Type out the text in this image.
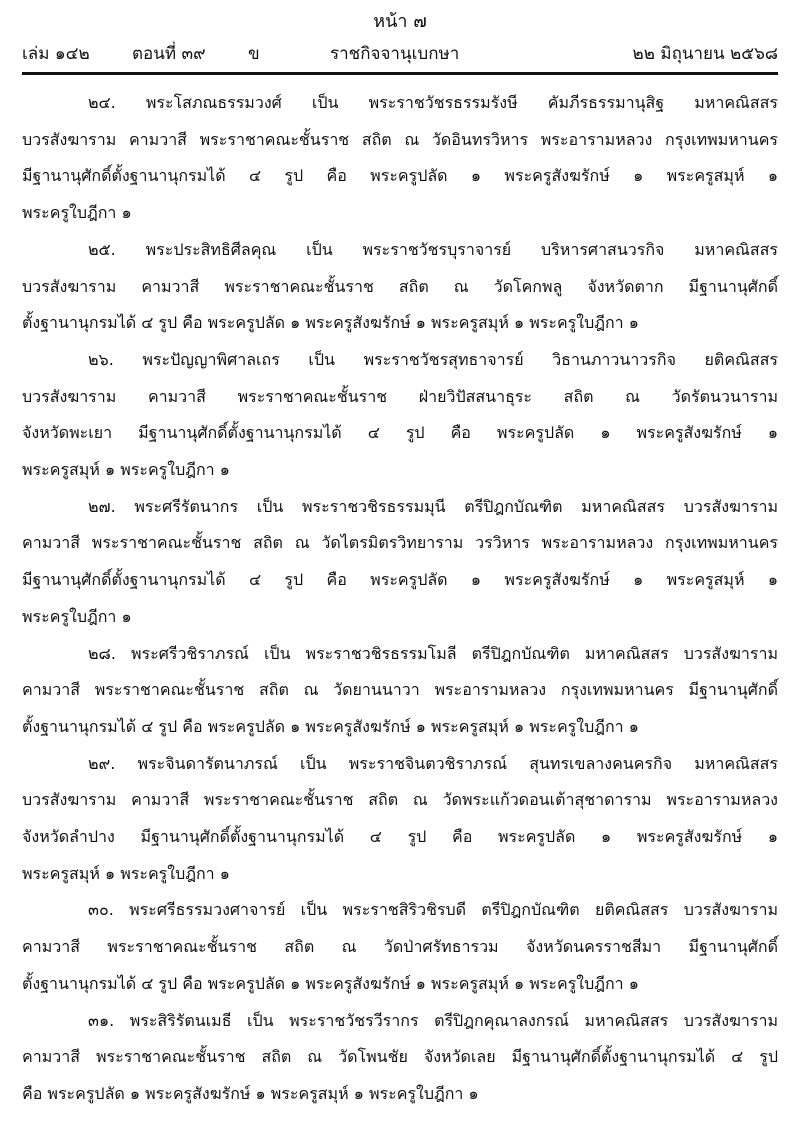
หน้า ๗
เล่ม ๑๔๒ ตอนที่ ๓๙ ข	ราชกิจจานุเบกษา	๒๒ มิถุนายน ๒๕๖๘
๒๔. พระโสภณธรรมวงศ์ เป็น พระราชวัชรธรรมรังษี คัมภีรธรรมานุสิฐ มหาคณิสสร
บวรสังฆาราม คามวาสี พระราชาคณะชั้นราช สถิต ณ วัดอินทรวิหาร พระอารามหลวง กรุงเทพมหานคร
มีฐานานุศักดิ์ตั้งฐานานุกรมได้ ๔ รูป คือ พระครูปลัด ๑ พระครูสังฆรักษ์ ๑ พระครูสมุห์ ๑
พระครูใบฎีกา ๑
๒๕. พระประสิทธิศีลคุณ เป็น พระราชวัชรบุราจารย์ บริหารศาสนวรกิจ มหาคณิสสร
บวรสังฆาราม คามวาสี พระราชาคณะชั้นราช สถิต ณ วัดโคกพลู จังหวัดตาก มีฐานานุศักดิ์
ตั้งฐานานุกรมได้ ๔ รูป คือ พระครูปลัด ๑ พระครูสังฆรักษ์ ๑ พระครูสมุห์ ๑ พระครูใบฎีกา ๑
๒๖. พระปัญญาพิศาลเถร เป็น พระราชวัชรสุทธาจารย์ วิธานภาวนาวรกิจ ยติคณิสสร
บวรสังฆาราม คามวาสี พระราชาคณะชั้นราช ฝ่ายวิปัสสนาธุระ สถิต ณ วัดรัตนวนาราม
จังหวัดพะเยา มีฐานานุศักดิ์ตั้งฐานานุกรมได้ ๔ รูป คือ พระครูปลัด ๑ พระครูสังฆรักษ์ ๑
พระครูสมุห์ ๑ พระครูใบฎีกา ๑
๒๗. พระศรีรัตนากร เป็น พระราชวชิรธรรมมุนี ตรีปิฎกบัณฑิต มหาคณิสสร บวรสังฆาราม
คามวาสี พระราชาคณะชั้นราช สถิต ณ วัดไตรมิตรวิทยาราม วรวิหาร พระอารามหลวง กรุงเทพมหานคร
มีฐานานุศักดิ์ตั้งฐานานุกรมได้ ๔ รูป คือ พระครูปลัด ๑ พระครูสังฆรักษ์ ๑ พระครูสมุห์ ๑
พระครูใบฎีกา ๑
๒๘. พระศรีวชิราภรณ์ เป็น พระราชวชิรธรรมโมลี ตรีปิฎกบัณฑิต มหาคณิสสร บวรสังฆาราม
คามวาสี พระราชาคณะชั้นราช สถิต ณ วัดยานนาวา พระอารามหลวง กรุงเทพมหานคร มีฐานานุศักดิ์
ตั้งฐานานุกรมได้ ๔ รูป คือ พระครูปลัด ๑ พระครูสังฆรักษ์ ๑ พระครูสมุห์ ๑ พระครูใบฎีกา ๑
๒๙. พระจินดารัตนาภรณ์ เป็น พระราชจินตวชิราภรณ์ สุนทรเขลางคนครกิจ มหาคณิสสร
บวรสังฆาราม คามวาสี พระราชาคณะชั้นราช สถิต ณ วัดพระแก้วดอนเต้าสุชาดาราม พระอารามหลวง
จังหวัดลำปาง มีฐานานุศักดิ์ตั้งฐานานุกรมได้ ๔ รูป คือ พระครูปลัด ๑ พระครูสังฆรักษ์ ๑
พระครูสมุห์ ๑ พระครูใบฎีกา ๑
๓๐. พระศรีธรรมวงศาจารย์ เป็น พระราชสิริวชิรบดี ตรีปิฎกบัณฑิต ยติคณิสสร บวรสังฆาราม
คามวาสี พระราชาคณะชั้นราช สถิต ณ วัดป่าศรัทธารวม จังหวัดนครราชสีมา มีฐานานุศักดิ์
ตั้งฐานานุกรมได้ ๔ รูป คือ พระครูปลัด ๑ พระครูสังฆรักษ์ ๑ พระครูสมุห์ ๑ พระครูใบฎีกา ๑
๓๑. พระสิริรัตนเมธี เป็น พระราชวัชรวีรากร ตรีปิฎกคุณาลงกรณ์ มหาคณิสสร บวรสังฆาราม
คามวาสี พระราชาคณะชั้นราช สถิต ณ วัดโพนชัย จังหวัดเลย มีฐานานุศักดิ์ตั้งฐานานุกรมได้ ๔ รูป
คือ พระครูปลัด ๑ พระครูสังฆรักษ์ ๑ พระครูสมุห์ ๑ พระครูใบฎีกา ๑
